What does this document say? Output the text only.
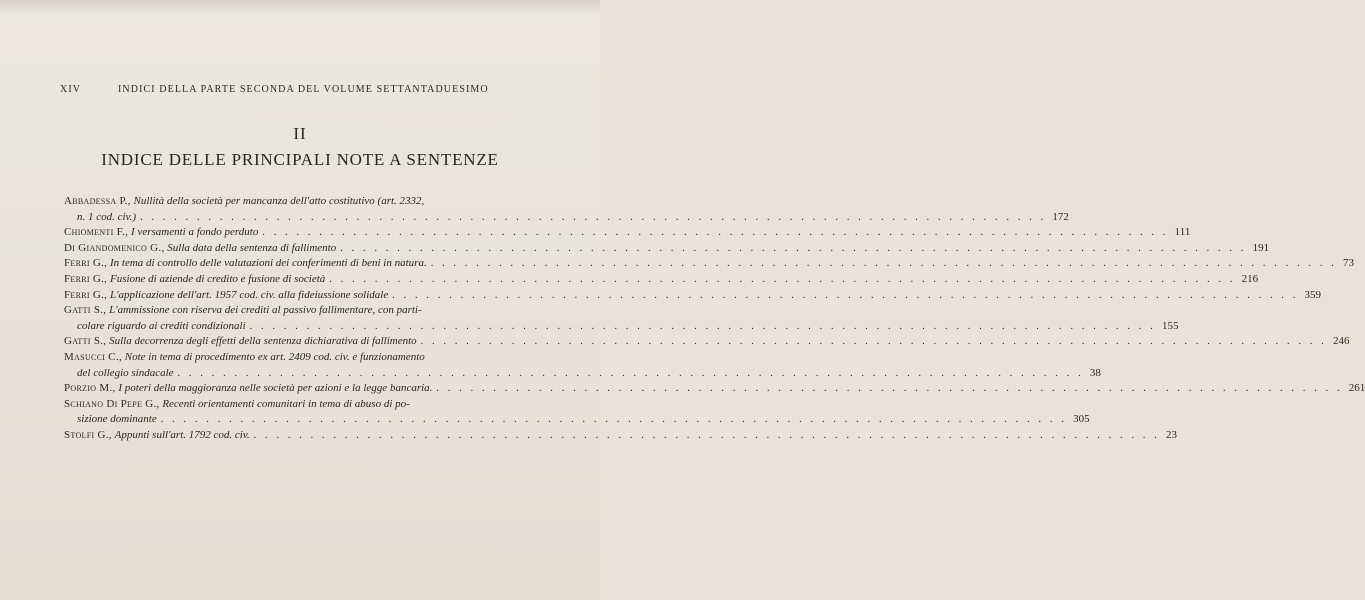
XIV	INDICI DELLA PARTE SECONDA DEL VOLUME SETTANTADUESIMO
II
INDICE DELLE PRINCIPALI NOTE A SENTENZE
Abbadessa P., Nullità della società per mancanza dell'atto costitutivo (art. 2332,
n. 1 cod. civ.) . . . . . . . . . . . . . . . . . . . . . . . . . . . . . . . . . . . . . . . . . . . . . . . . . . . . . . . . . . . . . . . . . . . . . . . . . . . . . . . . 172
Chiomenti F., I versamenti a fondo perduto . . . . . . . . . . . . . . . . . . . . . . . . . . . . . . . . . . . . . . . . . . . . . . . . . . . . . . . . . . . . . . . . . . . . . . . . . . . . . . . . 111
Di Giandomenico G., Sulla data della sentenza di fallimento . . . . . . . . . . . . . . . . . . . . . . . . . . . . . . . . . . . . . . . . . . . . . . . . . . . . . . . . . . . . . . . . . . . . . . . . . . . . . . . . 191
Ferri G., In tema di controllo delle valutazioni dei conferimenti di beni in natura. . . . . . . . . . . . . . . . . . . . . . . . . . . . . . . . . . . . . . . . . . . . . . . . . . . . . . . . . . . . . . . . . . . . . . . . . . . . . . . . . 73
Ferri G., Fusione di aziende di credito e fusione di società . . . . . . . . . . . . . . . . . . . . . . . . . . . . . . . . . . . . . . . . . . . . . . . . . . . . . . . . . . . . . . . . . . . . . . . . . . . . . . . . 216
Ferri G., L'applicazione dell'art. 1957 cod. civ. alla fideiussione solidale . . . . . . . . . . . . . . . . . . . . . . . . . . . . . . . . . . . . . . . . . . . . . . . . . . . . . . . . . . . . . . . . . . . . . . . . . . . . . . . . 359
Gatti S., L'ammissione con riserva dei crediti al passivo fallimentare, con parti-
colare riguardo ai crediti condizionali . . . . . . . . . . . . . . . . . . . . . . . . . . . . . . . . . . . . . . . . . . . . . . . . . . . . . . . . . . . . . . . . . . . . . . . . . . . . . . . . 155
Gatti S., Sulla decorrenza degli effetti della sentenza dichiarativa di fallimento . . . . . . . . . . . . . . . . . . . . . . . . . . . . . . . . . . . . . . . . . . . . . . . . . . . . . . . . . . . . . . . . . . . . . . . . . . . . . . . . 246
Masucci C., Note in tema di procedimento ex art. 2409 cod. civ. e funzionamento
del collegio sindacale . . . . . . . . . . . . . . . . . . . . . . . . . . . . . . . . . . . . . . . . . . . . . . . . . . . . . . . . . . . . . . . . . . . . . . . . . . . . . . . . 38
Porzio M., I poteri della maggioranza nelle società per azioni e la legge bancaria. . . . . . . . . . . . . . . . . . . . . . . . . . . . . . . . . . . . . . . . . . . . . . . . . . . . . . . . . . . . . . . . . . . . . . . . . . . . . . . . . 261
Schiano Di Pepe G., Recenti orientamenti comunitari in tema di abuso di po-
sizione dominante . . . . . . . . . . . . . . . . . . . . . . . . . . . . . . . . . . . . . . . . . . . . . . . . . . . . . . . . . . . . . . . . . . . . . . . . . . . . . . . . 305
Stolfi G., Appunti sull'art. 1792 cod. civ. . . . . . . . . . . . . . . . . . . . . . . . . . . . . . . . . . . . . . . . . . . . . . . . . . . . . . . . . . . . . . . . . . . . . . . . . . . . . . . . . 23
